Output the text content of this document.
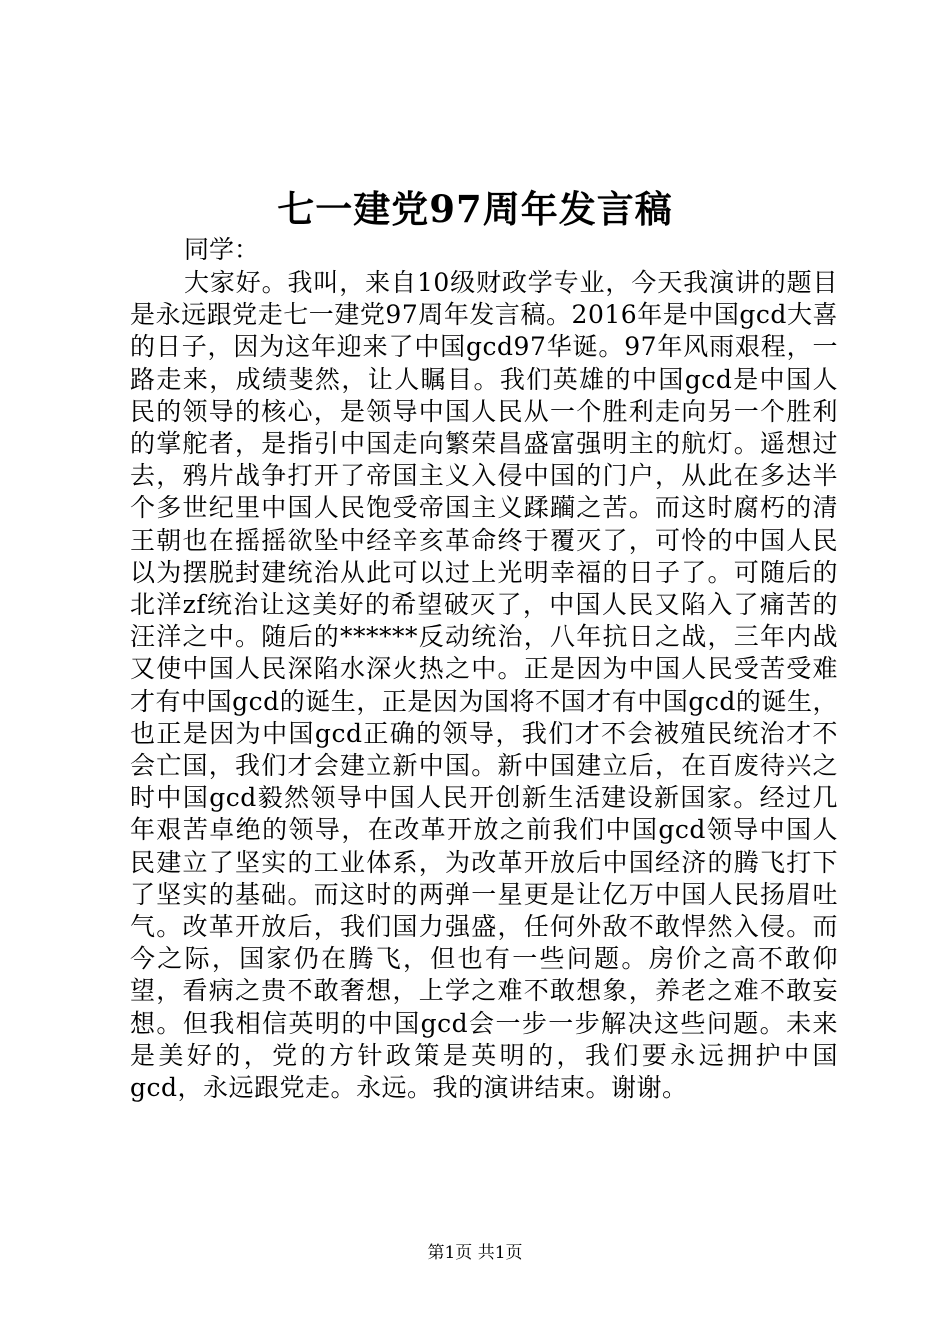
七一建党97周年发言稿

同学：

大家好。我叫，来自10级财政学专业，今天我演讲的题目是永远跟党走七一建党97周年发言稿。2016年是中国gcd大喜的日子，因为这年迎来了中国gcd97华诞。97年风雨艰程，一路走来，成绩斐然，让人瞩目。我们英雄的中国gcd是中国人民的领导的核心，是领导中国人民从一个胜利走向另一个胜利的掌舵者，是指引中国走向繁荣昌盛富强明主的航灯。遥想过去，鸦片战争打开了帝国主义入侵中国的门户，从此在多达半个多世纪里中国人民饱受帝国主义蹂躏之苦。而这时腐朽的清王朝也在摇摇欲坠中经辛亥革命终于覆灭了，可怜的中国人民以为摆脱封建统治从此可以过上光明幸福的日子了。可随后的北洋zf统治让这美好的希望破灭了，中国人民又陷入了痛苦的汪洋之中。随后的******反动统治，八年抗日之战，三年内战又使中国人民深陷水深火热之中。正是因为中国人民受苦受难才有中国gcd的诞生，正是因为国将不国才有中国gcd的诞生，也正是因为中国gcd正确的领导，我们才不会被殖民统治才不会亡国，我们才会建立新中国。新中国建立后，在百废待兴之时中国gcd毅然领导中国人民开创新生活建设新国家。经过几年艰苦卓绝的领导，在改革开放之前我们中国gcd领导中国人民建立了坚实的工业体系，为改革开放后中国经济的腾飞打下了坚实的基础。而这时的两弹一星更是让亿万中国人民扬眉吐气。改革开放后，我们国力强盛，任何外敌不敢悍然入侵。而今之际，国家仍在腾飞，但也有一些问题。房价之高不敢仰望，看病之贵不敢奢想，上学之难不敢想象，养老之难不敢妄想。但我相信英明的中国gcd会一步一步解决这些问题。未来是美好的，党的方针政策是英明的，我们要永远拥护中国gcd，永远跟党走。永远。我的演讲结束。谢谢。

第1页 共1页
